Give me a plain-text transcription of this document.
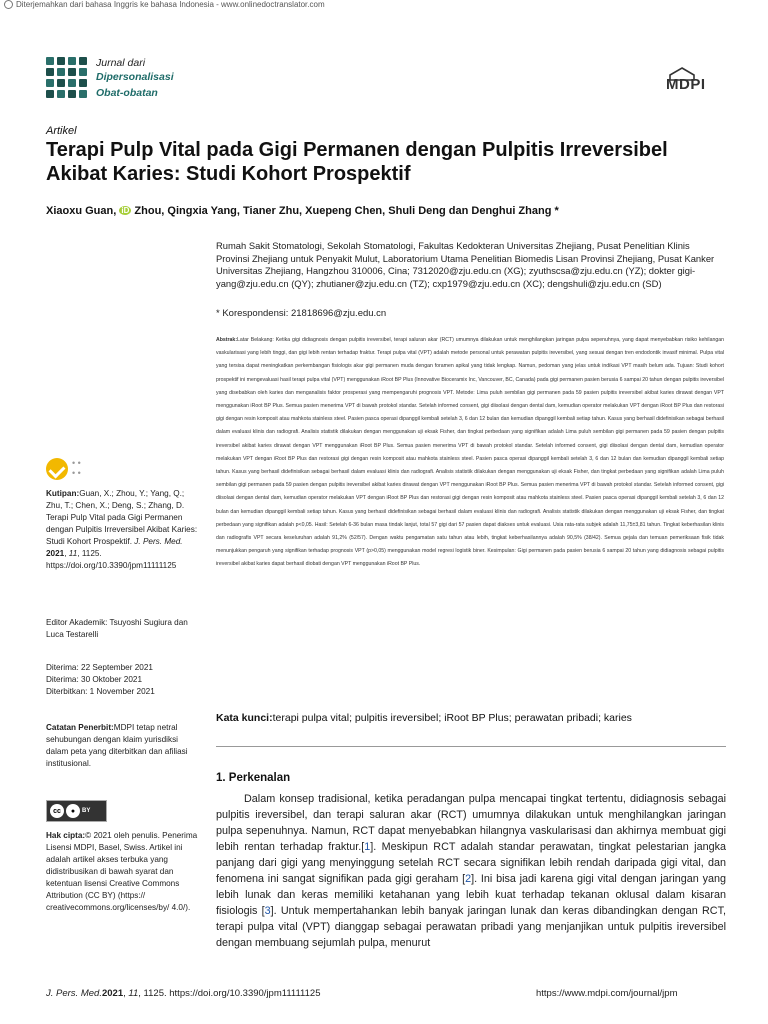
Diterjemahkan dari bahasa Inggris ke bahasa Indonesia - www.onlinedoctranslator.com
Jurnal dari
Dipersonalisasi
Obat-obatan	MDPI
Artikel
Terapi Pulp Vital pada Gigi Permanen dengan Pulpitis Irreversibel Akibat Karies: Studi Kohort Prospektif
Xiaoxu Guan, iD Zhou, Qingxia Yang, Tianer Zhu, Xuepeng Chen, Shuli Deng dan Denghui Zhang *
Rumah Sakit Stomatologi, Sekolah Stomatologi, Fakultas Kedokteran Universitas Zhejiang, Pusat Penelitian Klinis Provinsi Zhejiang untuk Penyakit Mulut, Laboratorium Utama Penelitian Biomedis Lisan Provinsi Zhejiang, Pusat Kanker Universitas Zhejiang, Hangzhou 310006, Cina; 7312020@zju.edu.cn (XG); zyuthscsa@zju.edu.cn (YZ); dokter gigi-yang@zju.edu.cn (QY); zhutianer@zju.edu.cn (TZ); cxp1979@zju.edu.cn (XC); dengshuli@zju.edu.cn (SD)
* Korespondensi: 21818696@zju.edu.cn
Abstrak:Latar Belakang: Ketika gigi didiagnosis dengan pulpitis ireversibel, terapi saluran akar (RCT) umumnya dilakukan untuk menghilangkan jaringan pulpa sepenuhnya, yang dapat menyebabkan risiko kehilangan vaskularisasi yang lebih tinggi, dan gigi lebih rentan terhadap fraktur. Terapi pulpa vital (VPT) adalah metode personal untuk perawatan pulpitis ireversibel, yang sesuai dengan tren endodontik invasif minimal. Pulpa vital yang tersisa dapat meningkatkan perkembangan fisiologis akar gigi permanen muda dengan foramen apikal yang tidak lengkap. Namun, pedoman yang jelas untuk indikasi VPT masih belum ada. Tujuan: Studi kohort prospektif ini mengevaluasi hasil terapi pulpa vital (VPT) menggunakan iRoot BP Plus (Innovative Bioceramix Inc, Vancouver, BC, Canada) pada gigi permanen pasien berusia 6 sampai 20 tahun dengan pulpitis ireversibel yang disebabkan oleh karies dan menganalisis faktor prosperasi yang mempengaruhi prognosis VPT. Metode: Lima puluh sembilan gigi permanen pada 59 pasien pulpitis ireversibel akibat karies dirawat dengan VPT menggunakan iRoot BP Plus. Semua pasien menerima VPT di bawah protokol standar. Setelah informed consent, gigi diisolasi dengan dental dam, kemudian operator melakukan VPT dengan iRoot BP Plus dan restorasi gigi dengan resin komposit atau mahkota stainless steel. Pasien pasca operasi dipanggil kembali setelah 3, 6 dan 12 bulan dan kemudian dipanggil kembali setiap tahun. Kasus yang berhasil didefinisikan sebagai berhasil dalam evaluasi klinis dan radiografi. Analisis statistik dilakukan dengan menggunakan uji eksak Fisher, dan tingkat perbedaan yang signifikan adalah Lima puluh sembilan gigi permanen pada 59 pasien dengan pulpitis ireversibel akibat karies dirawat dengan VPT menggunakan iRoot BP Plus. Semua pasien menerima VPT di bawah protokol standar. Setelah informed consent, gigi diisolasi dengan dental dam, kemudian operator melakukan VPT dengan iRoot BP Plus dan restorasi gigi dengan resin komposit atau mahkota stainless steel. Pasien pasca operasi dipanggil kembali setelah 3, 6 dan 12 bulan dan kemudian dipanggil kembali setiap tahun. Kasus yang berhasil didefinisikan sebagai berhasil dalam evaluasi klinis dan radiografi. Analisis statistik dilakukan dengan menggunakan uji eksak Fisher, dan tingkat perbedaan yang signifikan adalah Lima puluh sembilan gigi permanen pada 59 pasien dengan pulpitis ireversibel akibat karies dirawat dengan VPT menggunakan iRoot BP Plus. Semua pasien menerima VPT di bawah protokol standar. Setelah informed consent, gigi diisolasi dengan dental dam, kemudian operator melakukan VPT dengan iRoot BP Plus dan restorasi gigi dengan resin komposit atau mahkota stainless steel. Pasien pasca operasi dipanggil kembali setelah 3, 6 dan 12 bulan dan kemudian dipanggil kembali setiap tahun. Kasus yang berhasil didefinisikan sebagai berhasil dalam evaluasi klinis dan radiografi. Analisis statistik dilakukan dengan menggunakan uji eksak Fisher, dan tingkat perbedaan yang signifikan adalah p<0,05. Hasil: Setelah 6-36 bulan masa tindak lanjut, total 57 gigi dari 57 pasien dapat diakses untuk evaluasi. Usia rata-rata subjek adalah 11,75±3,81 tahun. Tingkat keberhasilan klinis dan radiografis VPT secara keseluruhan adalah 91,2% (52/57). Dengan waktu pengamatan satu tahun atau lebih, tingkat keberhasilannya adalah 90,5% (38/42). Semua gejala dan temuan pemeriksaan fisik tidak menunjukkan pengaruh yang signifikan terhadap prognosis VPT (p>0,05) menggunakan model regresi logistik biner. Kesimpulan: Gigi permanen pada pasien berusia 6 sampai 20 tahun yang didiagnosis sebagai pulpitis ireversibel akibat karies dapat berhasil diobati dengan VPT menggunakan iRoot BP Plus.
Kata kunci:terapi pulpa vital; pulpitis ireversibel; iRoot BP Plus; perawatan pribadi; karies
1. Perkenalan
Dalam konsep tradisional, ketika peradangan pulpa mencapai tingkat tertentu, didiagnosis sebagai pulpitis ireversibel, dan terapi saluran akar (RCT) umumnya dilakukan untuk menghilangkan jaringan pulpa sepenuhnya. Namun, RCT dapat menyebabkan hilangnya vaskularisasi dan akhirnya membuat gigi lebih rentan terhadap fraktur.[1]. Meskipun RCT adalah standar perawatan, tingkat pelestarian jangka panjang dari gigi yang menyinggung setelah RCT secara signifikan lebih rendah daripada gigi vital, dan fenomena ini sangat signifikan pada gigi geraham [2]. Ini bisa jadi karena gigi vital dengan jaringan yang lebih lunak dan keras memiliki ketahanan yang lebih kuat terhadap tekanan oklusal dalam kisaran fisiologis [3]. Untuk mempertahankan lebih banyak jaringan lunak dan keras dibandingkan dengan RCT, terapi pulpa vital (VPT) dianggap sebagai perawatan pribadi yang menjanjikan untuk pulpitis ireversibel dengan membuang sejumlah pulpa, menurut
• •
• •
Kutipan:Guan, X.; Zhou, Y.; Yang, Q.; Zhu, T.; Chen, X.; Deng, S.; Zhang, D. Terapi Pulp Vital pada Gigi Permanen dengan Pulpitis Irreversibel Akibat Karies: Studi Kohort Prospektif. J. Pers. Med. 2021, 11, 1125. https://doi.org/10.3390/jpm11111125
Editor Akademik: Tsuyoshi Sugiura dan Luca Testarelli
Diterima: 22 September 2021
Diterima: 30 Oktober 2021
Diterbitkan: 1 November 2021
Catatan Penerbit:MDPI tetap netral sehubungan dengan klaim yurisdiksi dalam peta yang diterbitkan dan afiliasi institusional.
cc	●	BY
Hak cipta:© 2021 oleh penulis. Penerima Lisensi MDPI, Basel, Swiss. Artikel ini adalah artikel akses terbuka yang didistribusikan di bawah syarat dan ketentuan lisensi Creative Commons Attribution (CC BY) (https:// creativecommons.org/licenses/by/ 4.0/).
J. Pers. Med.2021, 11, 1125. https://doi.org/10.3390/jpm11111125	https://www.mdpi.com/journal/jpm
